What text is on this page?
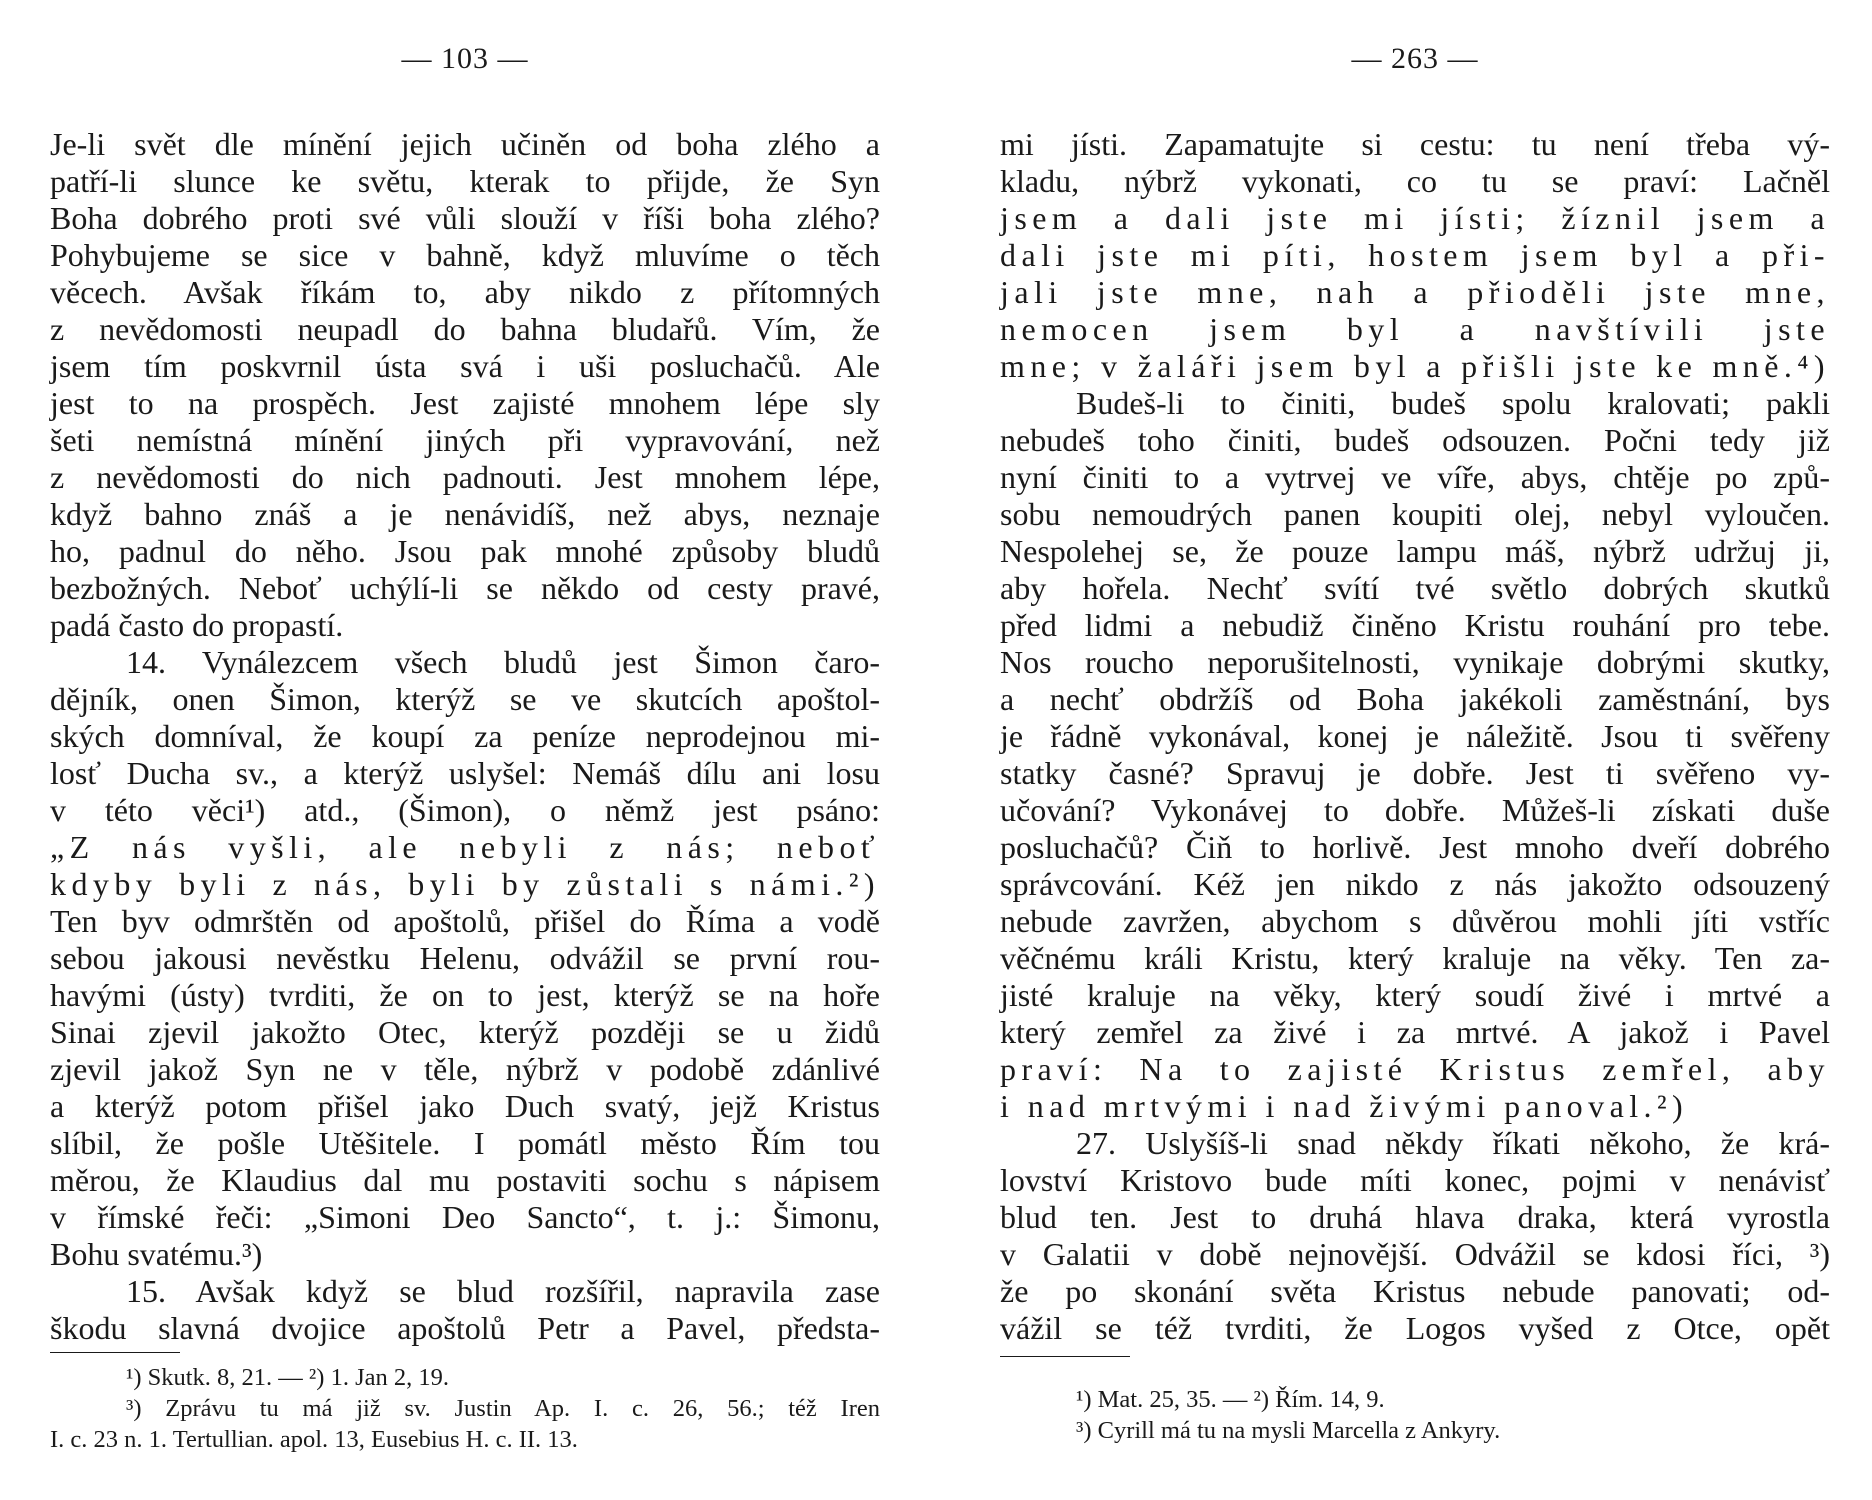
— 103 —
Je-li svět dle mínění jejich učiněn od boha zlého a
patří-li slunce ke světu, kterak to přijde, že Syn
Boha dobrého proti své vůli slouží v říši boha zlého?
Pohybujeme se sice v bahně, když mluvíme o těch
věcech. Avšak říkám to, aby nikdo z přítomných
z nevědomosti neupadl do bahna bludařů. Vím, že
jsem tím poskvrnil ústa svá i uši posluchačů. Ale
jest to na prospěch. Jest zajisté mnohem lépe sly
šeti nemístná mínění jiných při vypravování, než
z nevědomosti do nich padnouti. Jest mnohem lépe,
když bahno znáš a je nenávidíš, než abys, neznaje
ho, padnul do něho. Jsou pak mnohé způsoby bludů
bezbožných. Neboť uchýlí-li se někdo od cesty pravé,
padá často do propastí.
14. Vynálezcem všech bludů jest Šimon čaro-
dějník, onen Šimon, kterýž se ve skutcích apoštol-
ských domníval, že koupí za peníze neprodejnou mi-
losť Ducha sv., a kterýž uslyšel: Nemáš dílu ani losu
v této věci¹) atd., (Šimon), o němž jest psáno:
„Z nás vyšli, ale nebyli z nás; neboť
kdyby byli z nás, byli by zůstali s námi.²)
Ten byv odmrštěn od apoštolů, přišel do Říma a vodě
sebou jakousi nevěstku Helenu, odvážil se první rou-
havými (ústy) tvrditi, že on to jest, kterýž se na hoře
Sinai zjevil jakožto Otec, kterýž později se u židů
zjevil jakož Syn ne v těle, nýbrž v podobě zdánlivé
a kterýž potom přišel jako Duch svatý, jejž Kristus
slíbil, že pošle Utěšitele. I pomátl město Řím tou
měrou, že Klaudius dal mu postaviti sochu s nápisem
v římské řeči: „Simoni Deo Sancto“, t. j.: Šimonu,
Bohu svatému.³)
15. Avšak když se blud rozšířil, napravila zase
škodu slavná dvojice apoštolů Petr a Pavel, předsta-
¹) Skutk. 8, 21. — ²) 1. Jan 2, 19.
³) Zprávu tu má již sv. Justin Ap. I. c. 26, 56.; též Iren
I. c. 23 n. 1. Tertullian. apol. 13, Eusebius H. c. II. 13.
— 263 —
mi jísti. Zapamatujte si cestu: tu není třeba vý-
kladu, nýbrž vykonati, co tu se praví: Lačněl
jsem a dali jste mi jísti; žíznil jsem a
dali jste mi píti, hostem jsem byl a při-
jali jste mne, nah a přioděli jste mne,
nemocen jsem byl a navštívili jste
mne; v žaláři jsem byl a přišli jste ke mně.⁴)
Budeš-li to činiti, budeš spolu kralovati; pakli
nebudeš toho činiti, budeš odsouzen. Počni tedy již
nyní činiti to a vytrvej ve víře, abys, chtěje po způ-
sobu nemoudrých panen koupiti olej, nebyl vyloučen.
Nespolehej se, že pouze lampu máš, nýbrž udržuj ji,
aby hořela. Nechť svítí tvé světlo dobrých skutků
před lidmi a nebudiž činěno Kristu rouhání pro tebe.
Nos roucho neporušitelnosti, vynikaje dobrými skutky,
a nechť obdržíš od Boha jakékoli zaměstnání, bys
je řádně vykonával, konej je náležitě. Jsou ti svěřeny
statky časné? Spravuj je dobře. Jest ti svěřeno vy-
učování? Vykonávej to dobře. Můžeš-li získati duše
posluchačů? Čiň to horlivě. Jest mnoho dveří dobrého
správcování. Kéž jen nikdo z nás jakožto odsouzený
nebude zavržen, abychom s důvěrou mohli jíti vstříc
věčnému králi Kristu, který kraluje na věky. Ten za-
jisté kraluje na věky, který soudí živé i mrtvé a
který zemřel za živé i za mrtvé. A jakož i Pavel
praví: Na to zajisté Kristus zemřel, aby
i nad mrtvými i nad živými panoval.²)
27. Uslyšíš-li snad někdy říkati někoho, že krá-
lovství Kristovo bude míti konec, pojmi v nenávisť
blud ten. Jest to druhá hlava draka, která vyrostla
v Galatii v době nejnovější. Odvážil se kdosi říci, ³)
že po skonání světa Kristus nebude panovati; od-
vážil se též tvrditi, že Logos vyšed z Otce, opět
¹) Mat. 25, 35. — ²) Řím. 14, 9.
³) Cyrill má tu na mysli Marcella z Ankyry.
